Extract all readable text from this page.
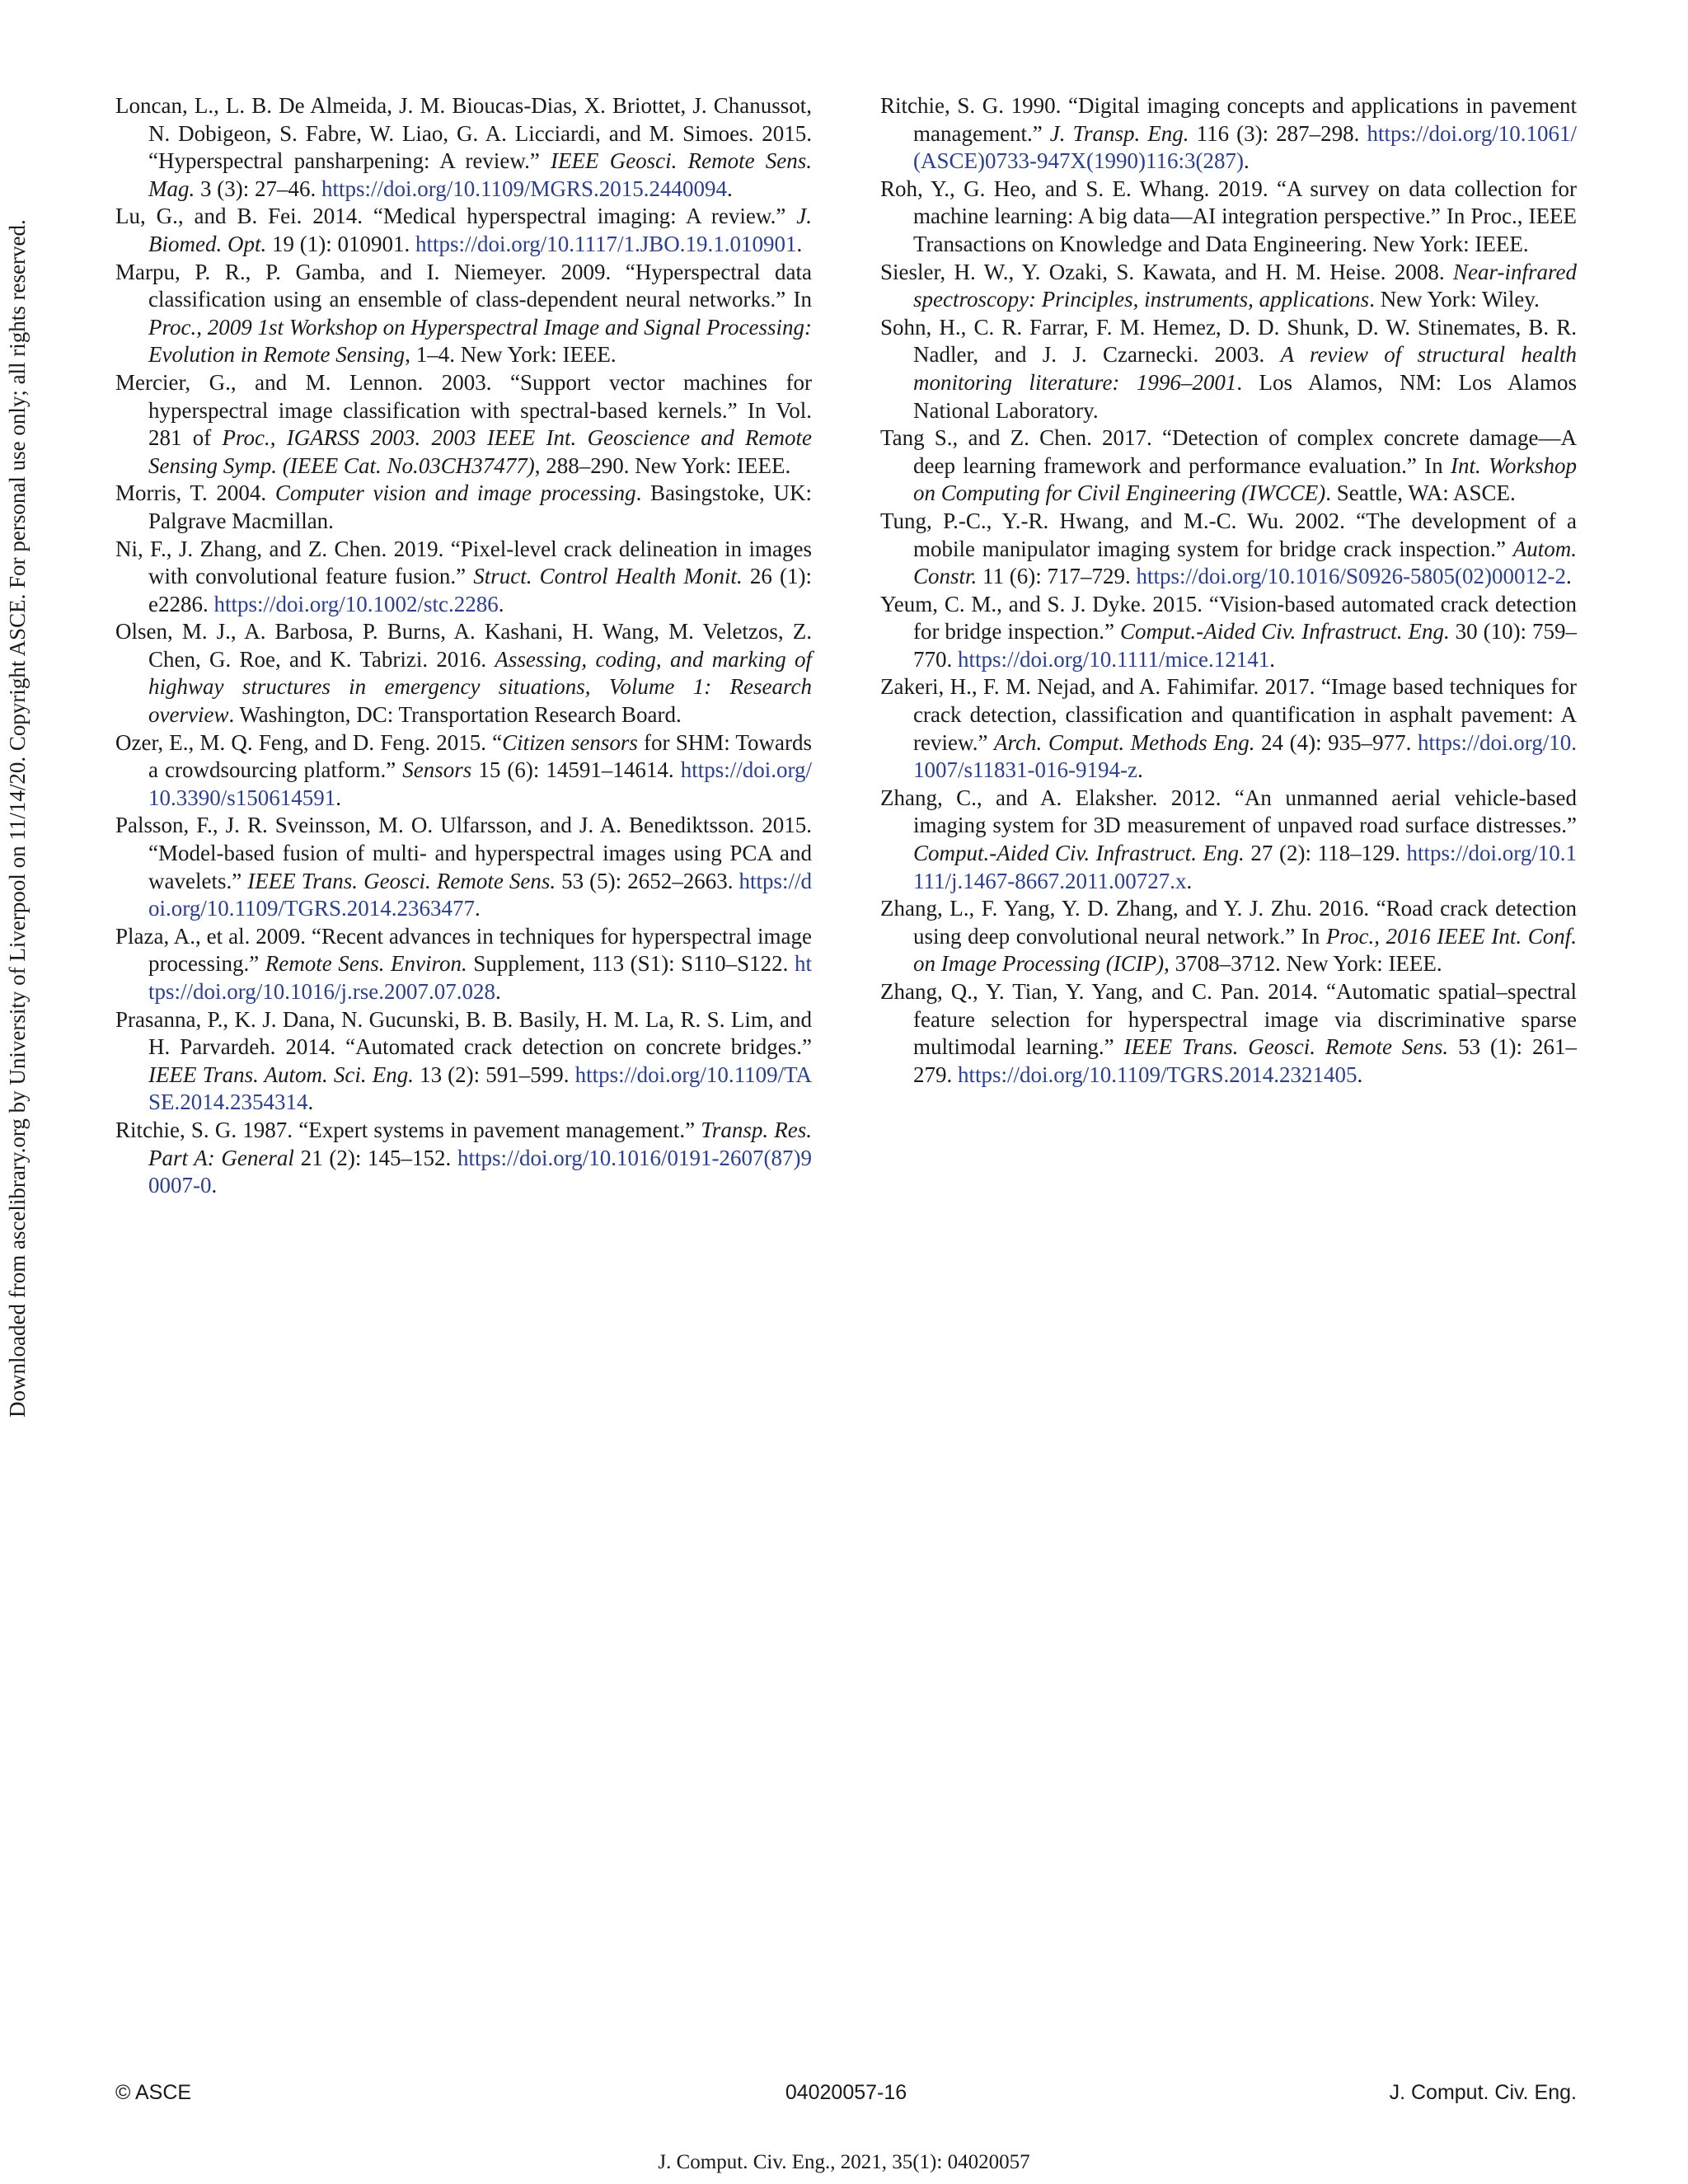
Downloaded from ascelibrary.org by University of Liverpool on 11/14/20. Copyright ASCE. For personal use only; all rights reserved.

Loncan, L., L. B. De Almeida, J. M. Bioucas-Dias, X. Briottet, J. Chanussot, N. Dobigeon, S. Fabre, W. Liao, G. A. Licciardi, and M. Simoes. 2015. “Hyperspectral pansharpening: A review.” IEEE Geosci. Remote Sens. Mag. 3 (3): 27–46. https://doi.org/10.1109/MGRS.2015.2440094.

Lu, G., and B. Fei. 2014. “Medical hyperspectral imaging: A review.” J. Biomed. Opt. 19 (1): 010901. https://doi.org/10.1117/1.JBO.19.1.010901.

Marpu, P. R., P. Gamba, and I. Niemeyer. 2009. “Hyperspectral data classification using an ensemble of class-dependent neural networks.” In Proc., 2009 1st Workshop on Hyperspectral Image and Signal Processing: Evolution in Remote Sensing, 1–4. New York: IEEE.

Mercier, G., and M. Lennon. 2003. “Support vector machines for hyperspectral image classification with spectral-based kernels.” In Vol. 281 of Proc., IGARSS 2003. 2003 IEEE Int. Geoscience and Remote Sensing Symp. (IEEE Cat. No.03CH37477), 288–290. New York: IEEE.

Morris, T. 2004. Computer vision and image processing. Basingstoke, UK: Palgrave Macmillan.

Ni, F., J. Zhang, and Z. Chen. 2019. “Pixel-level crack delineation in images with convolutional feature fusion.” Struct. Control Health Monit. 26 (1): e2286. https://doi.org/10.1002/stc.2286.

Olsen, M. J., A. Barbosa, P. Burns, A. Kashani, H. Wang, M. Veletzos, Z. Chen, G. Roe, and K. Tabrizi. 2016. Assessing, coding, and marking of highway structures in emergency situations, Volume 1: Research overview. Washington, DC: Transportation Research Board.

Ozer, E., M. Q. Feng, and D. Feng. 2015. “Citizen sensors for SHM: Towards a crowdsourcing platform.” Sensors 15 (6): 14591–14614. https://doi.org/10.3390/s150614591.

Palsson, F., J. R. Sveinsson, M. O. Ulfarsson, and J. A. Benediktsson. 2015. “Model-based fusion of multi- and hyperspectral images using PCA and wavelets.” IEEE Trans. Geosci. Remote Sens. 53 (5): 2652–2663. https://doi.org/10.1109/TGRS.2014.2363477.

Plaza, A., et al. 2009. “Recent advances in techniques for hyperspectral image processing.” Remote Sens. Environ. Supplement, 113 (S1): S110–S122. https://doi.org/10.1016/j.rse.2007.07.028.

Prasanna, P., K. J. Dana, N. Gucunski, B. B. Basily, H. M. La, R. S. Lim, and H. Parvardeh. 2014. “Automated crack detection on concrete bridges.” IEEE Trans. Autom. Sci. Eng. 13 (2): 591–599. https://doi.org/10.1109/TASE.2014.2354314.

Ritchie, S. G. 1987. “Expert systems in pavement management.” Transp. Res. Part A: General 21 (2): 145–152. https://doi.org/10.1016/0191-2607(87)90007-0.

Ritchie, S. G. 1990. “Digital imaging concepts and applications in pavement management.” J. Transp. Eng. 116 (3): 287–298. https://doi.org/10.1061/(ASCE)0733-947X(1990)116:3(287).

Roh, Y., G. Heo, and S. E. Whang. 2019. “A survey on data collection for machine learning: A big data—AI integration perspective.” In Proc., IEEE Transactions on Knowledge and Data Engineering. New York: IEEE.

Siesler, H. W., Y. Ozaki, S. Kawata, and H. M. Heise. 2008. Near-infrared spectroscopy: Principles, instruments, applications. New York: Wiley.

Sohn, H., C. R. Farrar, F. M. Hemez, D. D. Shunk, D. W. Stinemates, B. R. Nadler, and J. J. Czarnecki. 2003. A review of structural health monitoring literature: 1996–2001. Los Alamos, NM: Los Alamos National Laboratory.

Tang S., and Z. Chen. 2017. “Detection of complex concrete damage—A deep learning framework and performance evaluation.” In Int. Workshop on Computing for Civil Engineering (IWCCE). Seattle, WA: ASCE.

Tung, P.-C., Y.-R. Hwang, and M.-C. Wu. 2002. “The development of a mobile manipulator imaging system for bridge crack inspection.” Autom. Constr. 11 (6): 717–729. https://doi.org/10.1016/S0926-5805(02)00012-2.

Yeum, C. M., and S. J. Dyke. 2015. “Vision-based automated crack detection for bridge inspection.” Comput.-Aided Civ. Infrastruct. Eng. 30 (10): 759–770. https://doi.org/10.1111/mice.12141.

Zakeri, H., F. M. Nejad, and A. Fahimifar. 2017. “Image based techniques for crack detection, classification and quantification in asphalt pavement: A review.” Arch. Comput. Methods Eng. 24 (4): 935–977. https://doi.org/10.1007/s11831-016-9194-z.

Zhang, C., and A. Elaksher. 2012. “An unmanned aerial vehicle-based imaging system for 3D measurement of unpaved road surface distresses.” Comput.-Aided Civ. Infrastruct. Eng. 27 (2): 118–129. https://doi.org/10.1111/j.1467-8667.2011.00727.x.

Zhang, L., F. Yang, Y. D. Zhang, and Y. J. Zhu. 2016. “Road crack detection using deep convolutional neural network.” In Proc., 2016 IEEE Int. Conf. on Image Processing (ICIP), 3708–3712. New York: IEEE.

Zhang, Q., Y. Tian, Y. Yang, and C. Pan. 2014. “Automatic spatial–spectral feature selection for hyperspectral image via discriminative sparse multimodal learning.” IEEE Trans. Geosci. Remote Sens. 53 (1): 261–279. https://doi.org/10.1109/TGRS.2014.2321405.

© ASCE	04020057-16	J. Comput. Civ. Eng.
J. Comput. Civ. Eng., 2021, 35(1): 04020057
